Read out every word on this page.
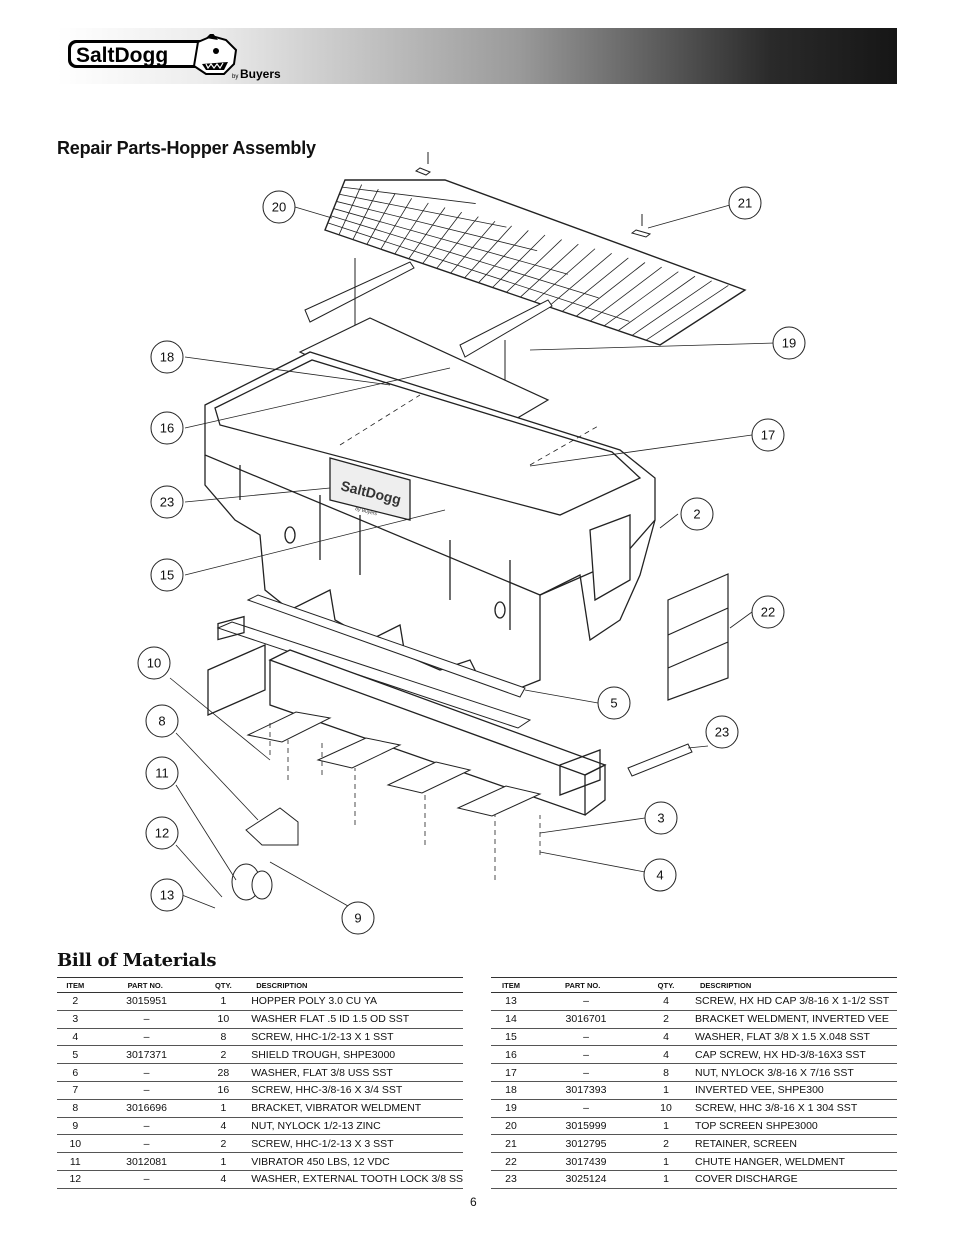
SaltDogg
by Buyers
Repair Parts-Hopper Assembly
SaltDogg
by Buyers
20	21
19
18
16	17
23
2
15
22
10
5
8
23
11
3
12
4
13
9
Bill of Materials
ITEM	PART NO.	QTY.	DESCRIPTION
2	3015951	1	HOPPER POLY 3.0 CU YA
3	–	10	WASHER FLAT .5 ID 1.5 OD SST
4	–	8	SCREW, HHC-1/2-13 X 1 SST
5	3017371	2	SHIELD TROUGH, SHPE3000
6	–	28	WASHER, FLAT 3/8 USS SST
7	–	16	SCREW, HHC-3/8-16 X 3/4 SST
8	3016696	1	BRACKET, VIBRATOR WELDMENT
9	–	4	NUT, NYLOCK 1/2-13 ZINC
10	–	2	SCREW, HHC-1/2-13 X 3 SST
11	3012081	1	VIBRATOR 450 LBS, 12 VDC
12	–	4	WASHER, EXTERNAL TOOTH LOCK 3/8 SS
ITEM	PART NO.	QTY.	DESCRIPTION
13	–	4	SCREW, HX HD CAP 3/8-16 X 1-1/2 SST
14	3016701	2	BRACKET WELDMENT, INVERTED VEE
15	–	4	WASHER, FLAT 3/8 X 1.5 X.048 SST
16	–	4	CAP SCREW, HX HD-3/8-16X3 SST
17	–	8	NUT, NYLOCK 3/8-16 X 7/16 SST
18	3017393	1	INVERTED VEE, SHPE300
19	–	10	SCREW, HHC 3/8-16 X 1 304 SST
20	3015999	1	TOP SCREEN SHPE3000
21	3012795	2	RETAINER, SCREEN
22	3017439	1	CHUTE HANGER, WELDMENT
23	3025124	1	COVER DISCHARGE
6
